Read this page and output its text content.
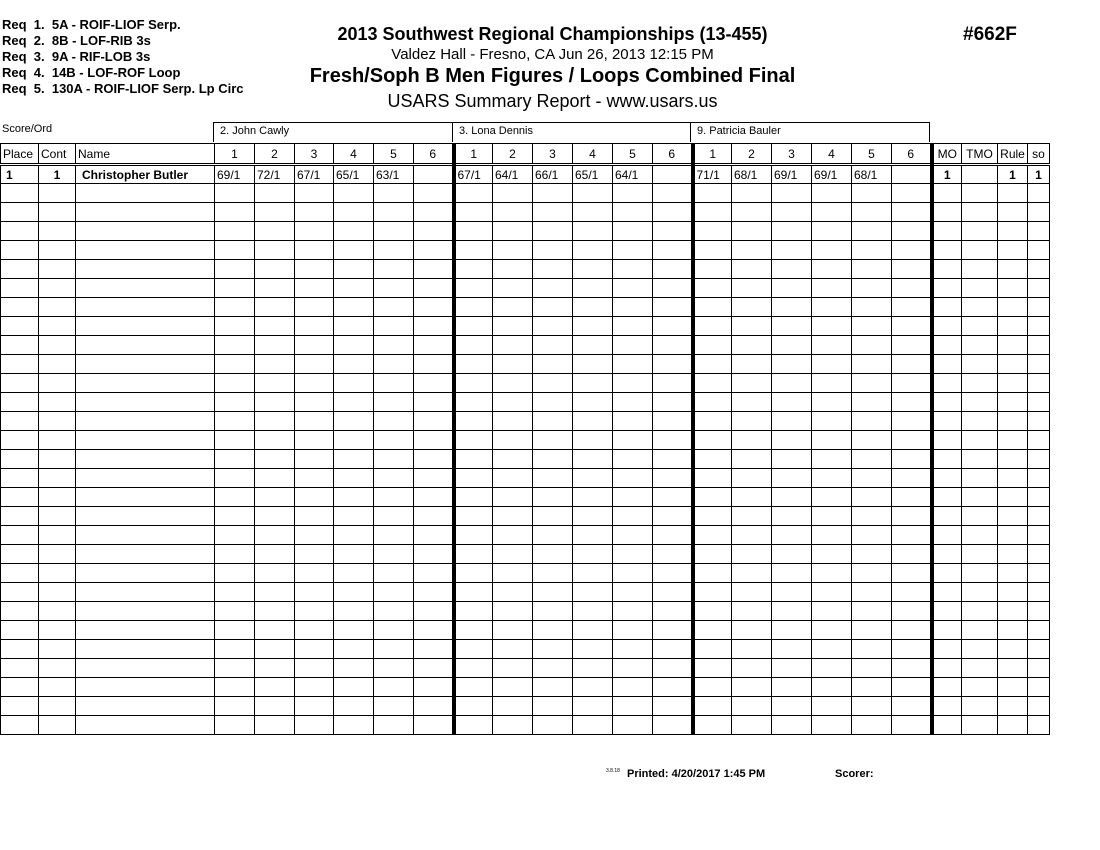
Req  1.  5A - ROIF-LIOF Serp.
Req  2.  8B - LOF-RIB 3s
Req  3.  9A - RIF-LOB 3s
Req  4.  14B - LOF-ROF Loop
Req  5.  130A - ROIF-LIOF Serp. Lp Circ
2013 Southwest Regional Championships (13-455)
Valdez Hall - Fresno, CA Jun 26, 2013 12:15 PM
Fresh/Soph B Men Figures / Loops Combined Final
USARS Summary Report - www.usars.us
#662F
Score/Ord	2. John Cawly	3. Lona Dennis	9. Patricia Bauler
Place	Cont	Name	1	2	3	4	5	6	1	2	3	4	5	6	1	2	3	4	5	6	MO	TMO	Rule	so
1	1	Christopher Butler	69/1	72/1	67/1	65/1	63/1		67/1	64/1	66/1	65/1	64/1		71/1	68/1	69/1	69/1	68/1		1		1	1

3.8.18 Printed: 4/20/2017 1:45 PM	Scorer:
